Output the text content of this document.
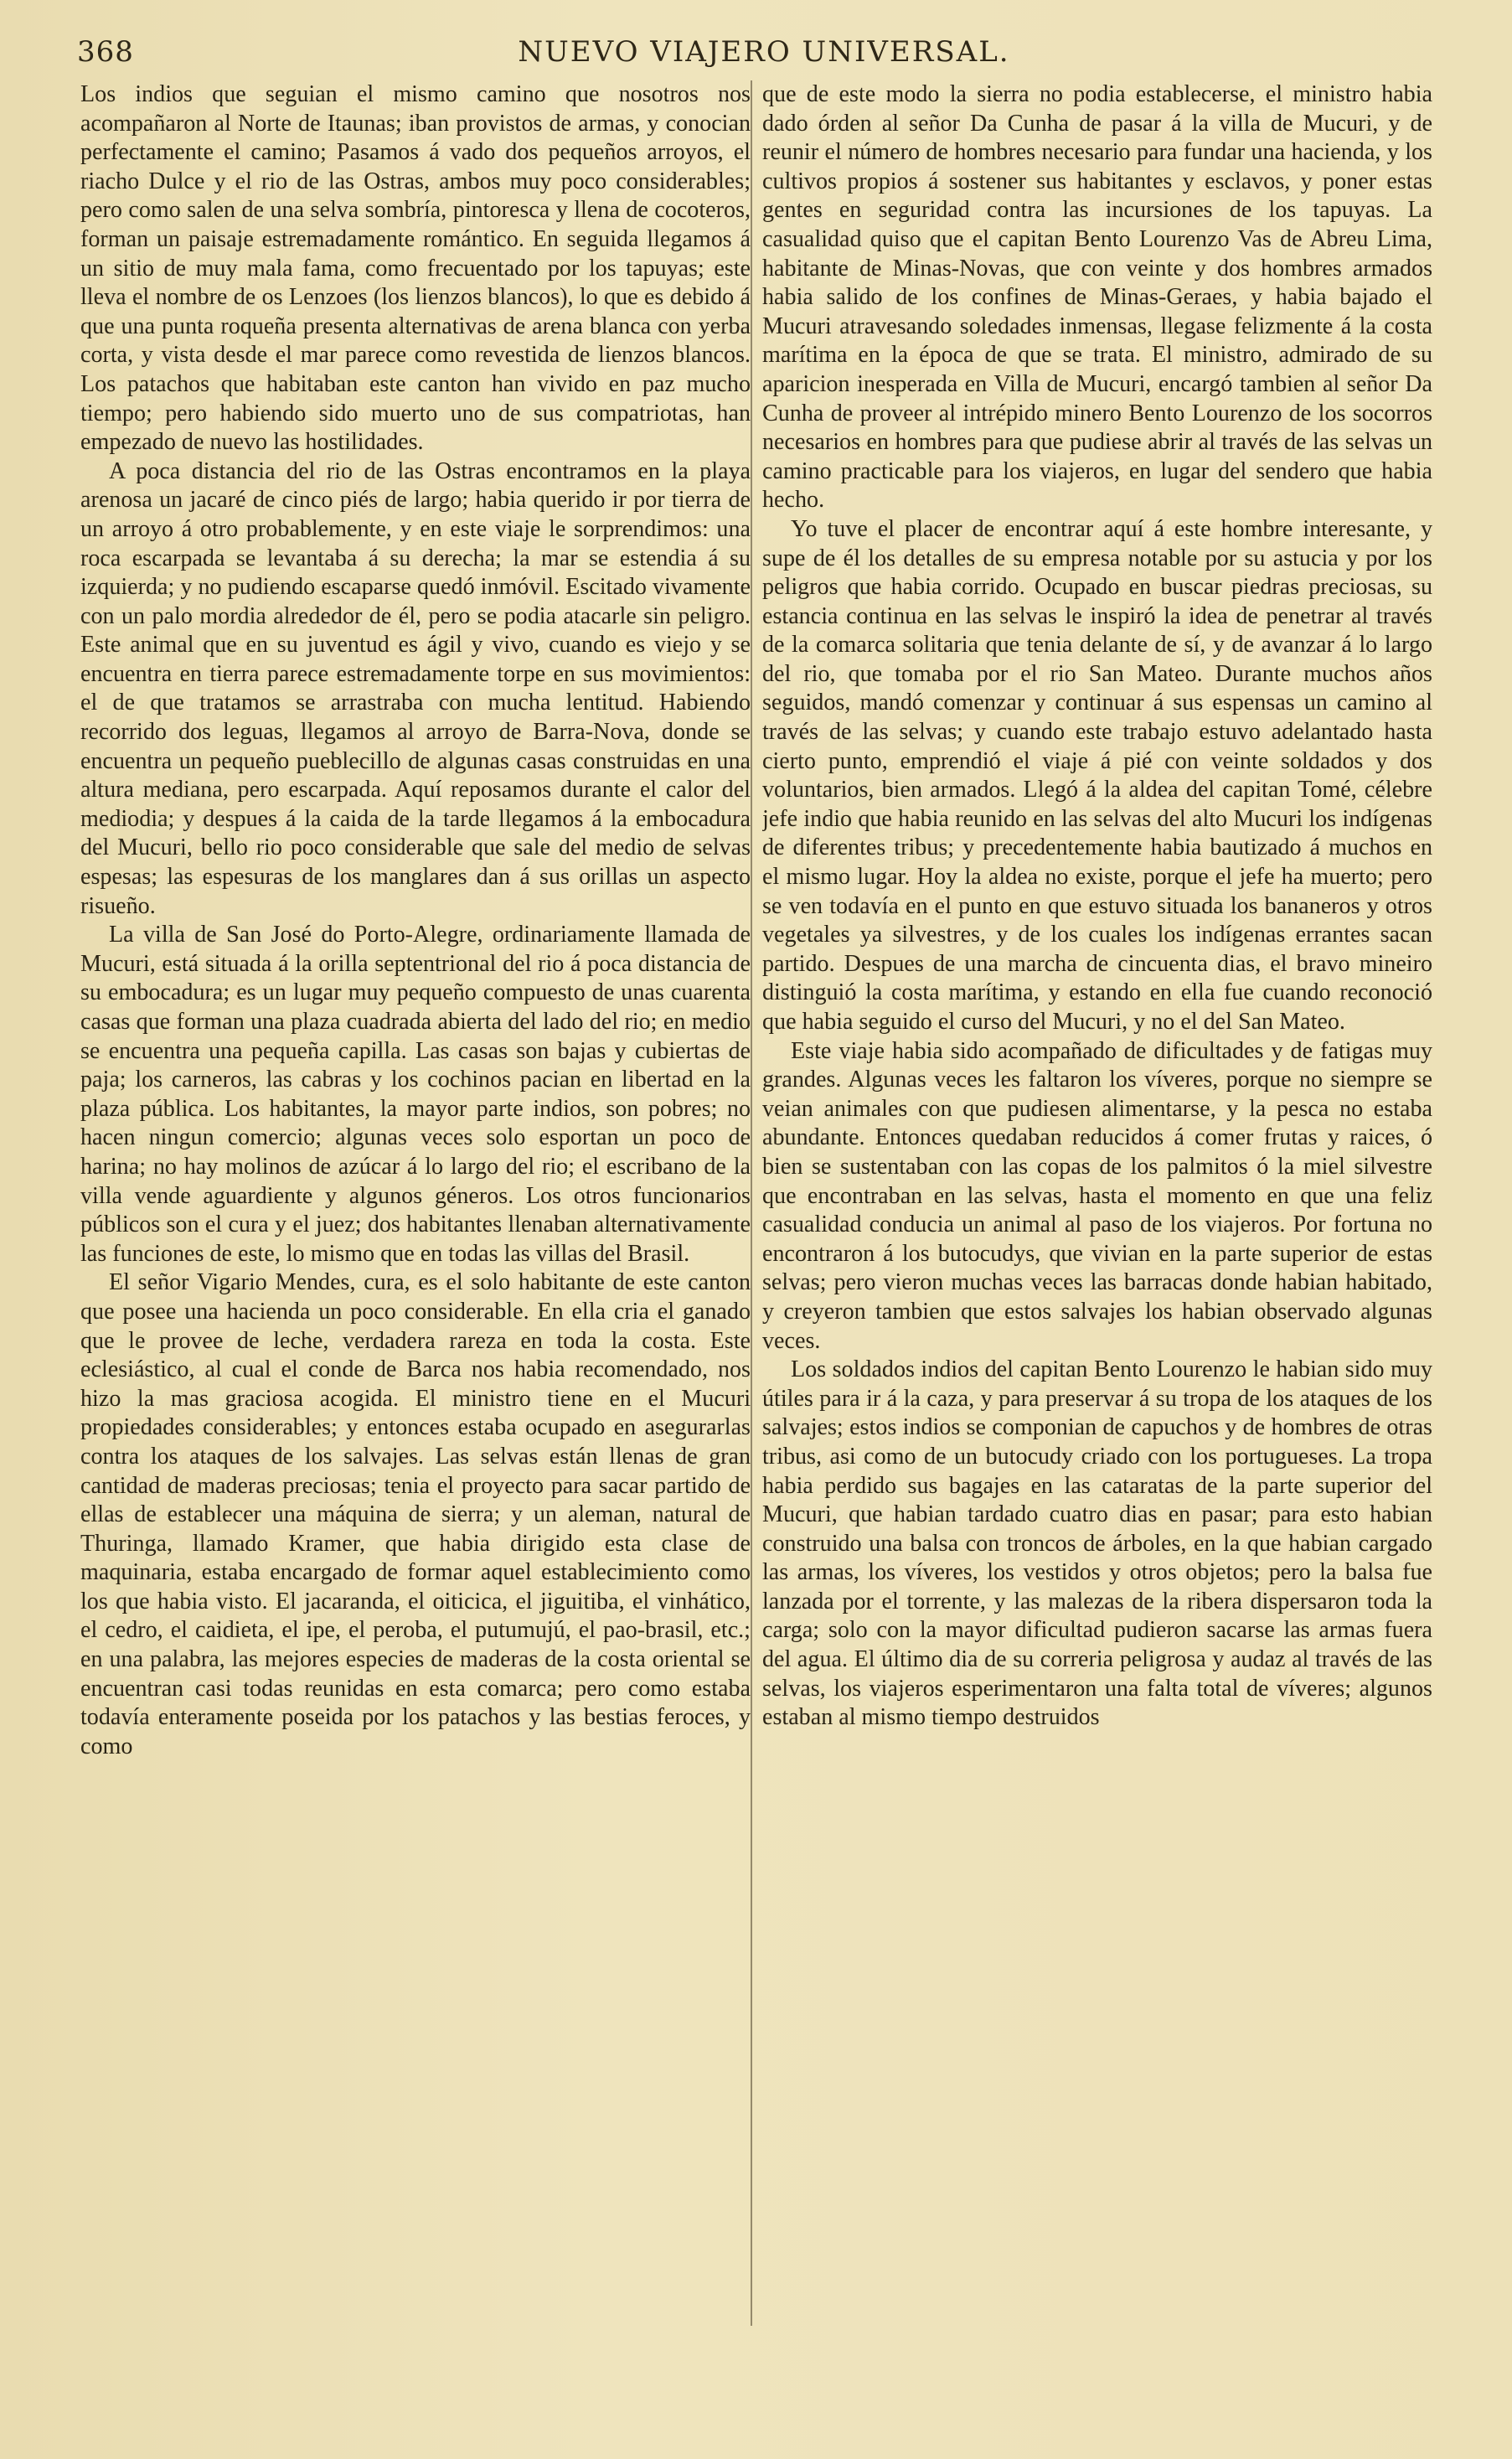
368	NUEVO VIAJERO UNIVERSAL.

Los indios que seguian el mismo camino que nosotros nos acompañaron al Norte de Itaunas; iban provistos de armas, y conocian perfectamente el camino; Pasamos á vado dos pequeños arroyos, el riacho Dulce y el rio de las Ostras, ambos muy poco considerables; pero como salen de una selva sombría, pintoresca y llena de cocoteros, forman un paisaje estremadamente romántico. En seguida llegamos á un sitio de muy mala fama, como frecuentado por los tapuyas; este lleva el nombre de os Lenzoes (los lienzos blancos), lo que es debido á que una punta roqueña presenta alternativas de arena blanca con yerba corta, y vista desde el mar parece como revestida de lienzos blancos. Los patachos que habitaban este canton han vivido en paz mucho tiempo; pero habiendo sido muerto uno de sus compatriotas, han empezado de nuevo las hostilidades.

A poca distancia del rio de las Ostras encontramos en la playa arenosa un jacaré de cinco piés de largo; habia querido ir por tierra de un arroyo á otro probablemente, y en este viaje le sorprendimos: una roca escarpada se levantaba á su derecha; la mar se estendia á su izquierda; y no pudiendo escaparse quedó inmóvil. Escitado vivamente con un palo mordia alrededor de él, pero se podia atacarle sin peligro. Este animal que en su juventud es ágil y vivo, cuando es viejo y se encuentra en tierra parece estremadamente torpe en sus movimientos: el de que tratamos se arrastraba con mucha lentitud. Habiendo recorrido dos leguas, llegamos al arroyo de Barra-Nova, donde se encuentra un pequeño pueblecillo de algunas casas construidas en una altura mediana, pero escarpada. Aquí reposamos durante el calor del mediodia; y despues á la caida de la tarde llegamos á la embocadura del Mucuri, bello rio poco considerable que sale del medio de selvas espesas; las espesuras de los manglares dan á sus orillas un aspecto risueño.

La villa de San José do Porto-Alegre, ordinariamente llamada de Mucuri, está situada á la orilla septentrional del rio á poca distancia de su embocadura; es un lugar muy pequeño compuesto de unas cuarenta casas que forman una plaza cuadrada abierta del lado del rio; en medio se encuentra una pequeña capilla. Las casas son bajas y cubiertas de paja; los carneros, las cabras y los cochinos pacian en libertad en la plaza pública. Los habitantes, la mayor parte indios, son pobres; no hacen ningun comercio; algunas veces solo esportan un poco de harina; no hay molinos de azúcar á lo largo del rio; el escribano de la villa vende aguardiente y algunos géneros. Los otros funcionarios públicos son el cura y el juez; dos habitantes llenaban alternativamente las funciones de este, lo mismo que en todas las villas del Brasil.

El señor Vigario Mendes, cura, es el solo habitante de este canton que posee una hacienda un poco considerable. En ella cria el ganado que le provee de leche, verdadera rareza en toda la costa. Este eclesiástico, al cual el conde de Barca nos habia recomendado, nos hizo la mas graciosa acogida. El ministro tiene en el Mucuri propiedades considerables; y entonces estaba ocupado en asegurarlas contra los ataques de los salvajes. Las selvas están llenas de gran cantidad de maderas preciosas; tenia el proyecto para sacar partido de ellas de establecer una máquina de sierra; y un aleman, natural de Thuringa, llamado Kramer, que habia dirigido esta clase de maquinaria, estaba encargado de formar aquel establecimiento como los que habia visto. El jacaranda, el oiticica, el jiguitiba, el vinhático, el cedro, el caidieta, el ipe, el peroba, el putumujú, el pao-brasil, etc.; en una palabra, las mejores especies de maderas de la costa oriental se encuentran casi todas reunidas en esta comarca; pero como estaba todavía enteramente poseida por los patachos y las bestias feroces, y como

que de este modo la sierra no podia establecerse, el ministro habia dado órden al señor Da Cunha de pasar á la villa de Mucuri, y de reunir el número de hombres necesario para fundar una hacienda, y los cultivos propios á sostener sus habitantes y esclavos, y poner estas gentes en seguridad contra las incursiones de los tapuyas. La casualidad quiso que el capitan Bento Lourenzo Vas de Abreu Lima, habitante de Minas-Novas, que con veinte y dos hombres armados habia salido de los confines de Minas-Geraes, y habia bajado el Mucuri atravesando soledades inmensas, llegase felizmente á la costa marítima en la época de que se trata. El ministro, admirado de su aparicion inesperada en Villa de Mucuri, encargó tambien al señor Da Cunha de proveer al intrépido minero Bento Lourenzo de los socorros necesarios en hombres para que pudiese abrir al través de las selvas un camino practicable para los viajeros, en lugar del sendero que habia hecho.

Yo tuve el placer de encontrar aquí á este hombre interesante, y supe de él los detalles de su empresa notable por su astucia y por los peligros que habia corrido. Ocupado en buscar piedras preciosas, su estancia continua en las selvas le inspiró la idea de penetrar al través de la comarca solitaria que tenia delante de sí, y de avanzar á lo largo del rio, que tomaba por el rio San Mateo. Durante muchos años seguidos, mandó comenzar y continuar á sus espensas un camino al través de las selvas; y cuando este trabajo estuvo adelantado hasta cierto punto, emprendió el viaje á pié con veinte soldados y dos voluntarios, bien armados. Llegó á la aldea del capitan Tomé, célebre jefe indio que habia reunido en las selvas del alto Mucuri los indígenas de diferentes tribus; y precedentemente habia bautizado á muchos en el mismo lugar. Hoy la aldea no existe, porque el jefe ha muerto; pero se ven todavía en el punto en que estuvo situada los bananeros y otros vegetales ya silvestres, y de los cuales los indígenas errantes sacan partido. Despues de una marcha de cincuenta dias, el bravo mineiro distinguió la costa marítima, y estando en ella fue cuando reconoció que habia seguido el curso del Mucuri, y no el del San Mateo.

Este viaje habia sido acompañado de dificultades y de fatigas muy grandes. Algunas veces les faltaron los víveres, porque no siempre se veian animales con que pudiesen alimentarse, y la pesca no estaba abundante. Entonces quedaban reducidos á comer frutas y raices, ó bien se sustentaban con las copas de los palmitos ó la miel silvestre que encontraban en las selvas, hasta el momento en que una feliz casualidad conducia un animal al paso de los viajeros. Por fortuna no encontraron á los butocudys, que vivian en la parte superior de estas selvas; pero vieron muchas veces las barracas donde habian habitado, y creyeron tambien que estos salvajes los habian observado algunas veces.

Los soldados indios del capitan Bento Lourenzo le habian sido muy útiles para ir á la caza, y para preservar á su tropa de los ataques de los salvajes; estos indios se componian de capuchos y de hombres de otras tribus, asi como de un butocudy criado con los portugueses. La tropa habia perdido sus bagajes en las cataratas de la parte superior del Mucuri, que habian tardado cuatro dias en pasar; para esto habian construido una balsa con troncos de árboles, en la que habian cargado las armas, los víveres, los vestidos y otros objetos; pero la balsa fue lanzada por el torrente, y las malezas de la ribera dispersaron toda la carga; solo con la mayor dificultad pudieron sacarse las armas fuera del agua. El último dia de su correria peligrosa y audaz al través de las selvas, los viajeros esperimentaron una falta total de víveres; algunos estaban al mismo tiempo destruidos
